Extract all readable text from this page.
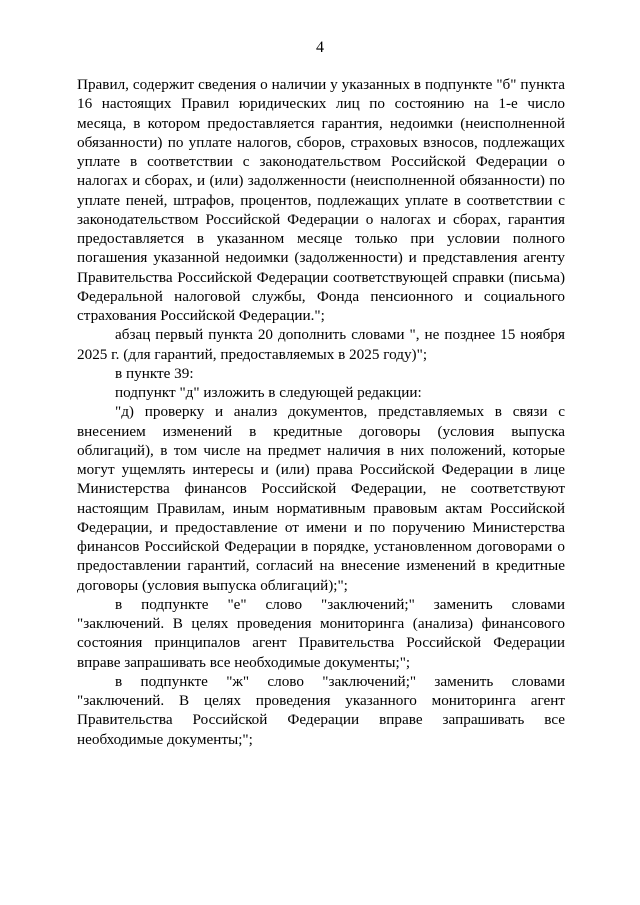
4

Правил, содержит сведения о наличии у указанных в подпункте "б" пункта 16 настоящих Правил юридических лиц по состоянию на 1-е число месяца, в котором предоставляется гарантия, недоимки (неисполненной обязанности) по уплате налогов, сборов, страховых взносов, подлежащих уплате в соответствии с законодательством Российской Федерации о налогах и сборах, и (или) задолженности (неисполненной обязанности) по уплате пеней, штрафов, процентов, подлежащих уплате в соответствии с законодательством Российской Федерации о налогах и сборах, гарантия предоставляется в указанном месяце только при условии полного погашения указанной недоимки (задолженности) и представления агенту Правительства Российской Федерации соответствующей справки (письма) Федеральной налоговой службы, Фонда пенсионного и социального страхования Российской Федерации.";

абзац первый пункта 20 дополнить словами ", не позднее 15 ноября 2025 г. (для гарантий, предоставляемых в 2025 году)";

в пункте 39:

подпункт "д" изложить в следующей редакции:

"д) проверку и анализ документов, представляемых в связи с внесением изменений в кредитные договоры (условия выпуска облигаций), в том числе на предмет наличия в них положений, которые могут ущемлять интересы и (или) права Российской Федерации в лице Министерства финансов Российской Федерации, не соответствуют настоящим Правилам, иным нормативным правовым актам Российской Федерации, и предоставление от имени и по поручению Министерства финансов Российской Федерации в порядке, установленном договорами о предоставлении гарантий, согласий на внесение изменений в кредитные договоры (условия выпуска облигаций);";

в подпункте "е" слово "заключений;" заменить словами "заключений. В целях проведения мониторинга (анализа) финансового состояния принципалов агент Правительства Российской Федерации вправе запрашивать все необходимые документы;";

в подпункте "ж" слово "заключений;" заменить словами "заключений. В целях проведения указанного мониторинга агент Правительства Российской Федерации вправе запрашивать все необходимые документы;";
